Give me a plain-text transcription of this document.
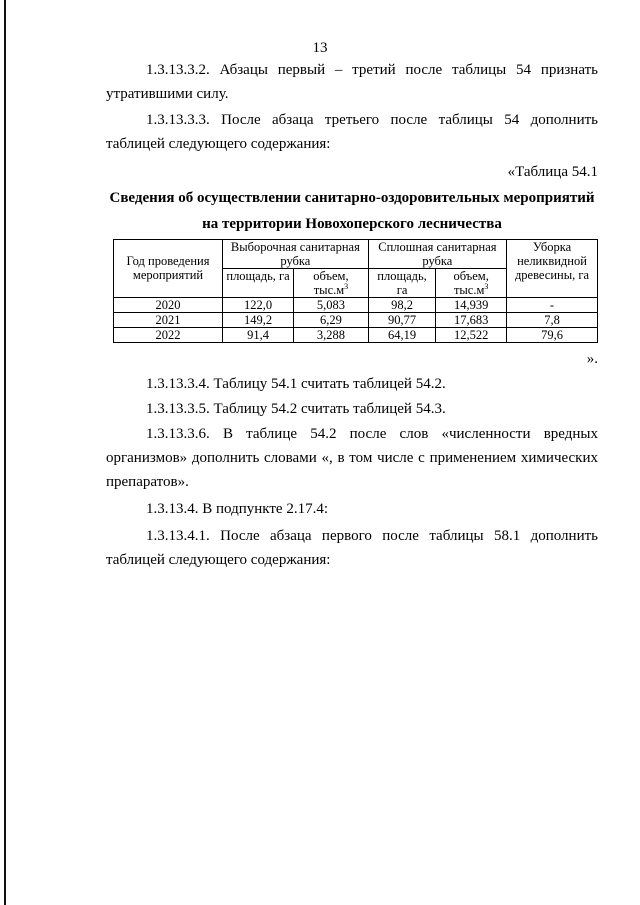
13
1.3.13.3.2. Абзацы первый – третий после таблицы 54 признать утратившими силу.
1.3.13.3.3. После абзаца третьего после таблицы 54 дополнить таблицей следующего содержания:
«Таблица 54.1
Сведения об осуществлении санитарно-оздоровительных мероприятий
на территории Новохоперского лесничества
Год проведения мероприятий	Выборочная санитарная рубка		Сплошная санитарная рубка		Уборка неликвидной древесины, га
	площадь, га	объем, $тыс.м^3$	площадь, га	объем, $тыс.м^3$
2020	122,0	5,083	98,2	14,939	-
2021	149,2	6,29	90,77	17,683	7,8
2022	91,4	3,288	64,19	12,522	79,6
».
1.3.13.3.4. Таблицу 54.1 считать таблицей 54.2.
1.3.13.3.5. Таблицу 54.2 считать таблицей 54.3.
1.3.13.3.6. В таблице 54.2 после слов «численности вредных организмов» дополнить словами «, в том числе с применением химических препаратов».
1.3.13.4. В подпункте 2.17.4:
1.3.13.4.1. После абзаца первого после таблицы 58.1 дополнить таблицей следующего содержания:
